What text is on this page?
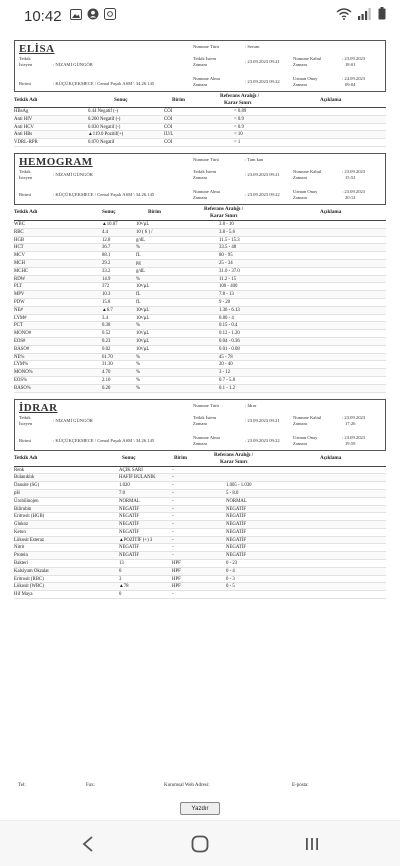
10:42
ELİSA
Tetkik
İsteyen	: NİZAMİ GÜNGÖR
Birimi	: KÜÇÜKÇEKMECE \ Cemal Paşalı ASM \ 34.26.145
Numune Türü	: Serum
Tetkik İstem
Zamanı
: 23.09.2023 09:21
Numune Alma
Zamanı
: 23.09.2023 09:22
Numune Kabul
Zamanı
: 23.09.2023
18:01
Uzman Onay
Zamanı
: 24.09.2023
09:04
Tetkik Adı	Sonuç	Birim
Referans Aralığı /
Karar Sınırı
Açıklama
HBsAg	0.44 Negatif (-)	COI	< 0.89
Anti HIV	0.200 Negatif (-)	COI	< 0.9
Anti HCV	0.030 Negatif (-)	COI	< 0.9
Anti HBs	▲119.0 Pozitif(+)	IU/L	< 10
VDRL-RPR	0.070 Negatif	COI	< 1
HEMOGRAM
Tetkik
İsteyen
: NİZAMİ GÜNGÖR
Birimi	: KÜÇÜKÇEKMECE \ Cemal Paşalı ASM \ 34.26.145
Numune Türü	: Tam kan
Tetkik İstem
Zamanı
: 23.09.2023 09:21
Numune Alma
Zamanı
: 23.09.2023 09:22
Numune Kabul
Zamanı
: 23.09.2023
15:52
Uzman Onay
Zamanı
: 23.09.2023
20:12
Tetkik Adı	Sonuç	Birim
Referans Aralığı /
Karar Sınırı
Açıklama
WBC	▲10.87	10³/µL	3.8 - 10
RBC	4.4	10 ( 6 ) /	3.8 - 5.6
HGB	12.8	g/dL	11.5 - 15.3
HCT	36.7	%	33.5 - 48
MCV	88.1	fL	80 - 95
MCH	29.2	pg	25 - 34
MCHC	33.2	g/dL	31.0 - 37.0
RDW	14.9	%	11.2 - 15
PLT	372	10³/µL	100 - 400
MPV	10.3	fL	7.8 - 13
PDW	15.8	fL	9 - 20
NE#	▲6.7	10³/µL	1.36 - 6.13
LYM#	3.4	10³/µL	0.80 - 4
PCT	0.38	%	0.15 - 0.4
MONO#	0.52	10³/µL	0.12 - 1.20
EOS#	0.23	10³/µL	0.04 - 0.36
BASO#	0.02	10³/µL	0.01 - 0.08
NE%	61.70	%	45 - 78
LYM%	31.30	%	20 - 40
MONO%	4.70	%	3 - 12
EOS%	2.10	%	0.7 - 5.8
BASO%	0.20	%	0.1 - 1.2
İDRAR
Tetkik
İsteyen
: NİZAMİ GÜNGÖR
Birimi	: KÜÇÜKÇEKMECE \ Cemal Paşalı ASM \ 34.26.145
Numune Türü	: İdrar
Tetkik İstem
Zamanı
: 23.09.2023 09:21
Numune Alma
Zamanı
: 23.09.2023 09:22
Numune Kabul
Zamanı
: 23.09.2023
17:26
Uzman Onay
Zamanı
: 23.09.2023
19:59
Tetkik Adı	Sonuç	Birim
Referans Aralığı /
Karar Sınırı
Açıklama
Renk	AÇIK SARI	-
Bulanıklık	HAFİF BULANIK	-
Dansite (SG)	1.020	-	1.005 - 1.030
pH	7.0	-	5 - 8.0
Ürobilinojen	NORMAL	-	NORMAL
Bilirubin	NEGATİF	-	NEGATİF
Eritrosit (HGB)	NEGATİF	-	NEGATİF
Glukoz	NEGATİF	-	NEGATİF
Keton	NEGATİF	-	NEGATİF
Lökosit Esteraz	▲POZİTİF (+) 3	-	NEGATİF
Nitrit	NEGATİF	-	NEGATİF
Protein	NEGATİF	-	NEGATİF
Bakteri	13	HPF	0 - 23
Kalsiyum Okzalat	0	HPF	0 - 4
Eritrosit (RBC)	3	HPF	0 - 3
Lökosit (WBC)	▲78	HPF	0 - 5
Hif Maya	0	-
Tel:	Fax:	Kurumsal Web Adresi:	E-posta:
Yazdır
